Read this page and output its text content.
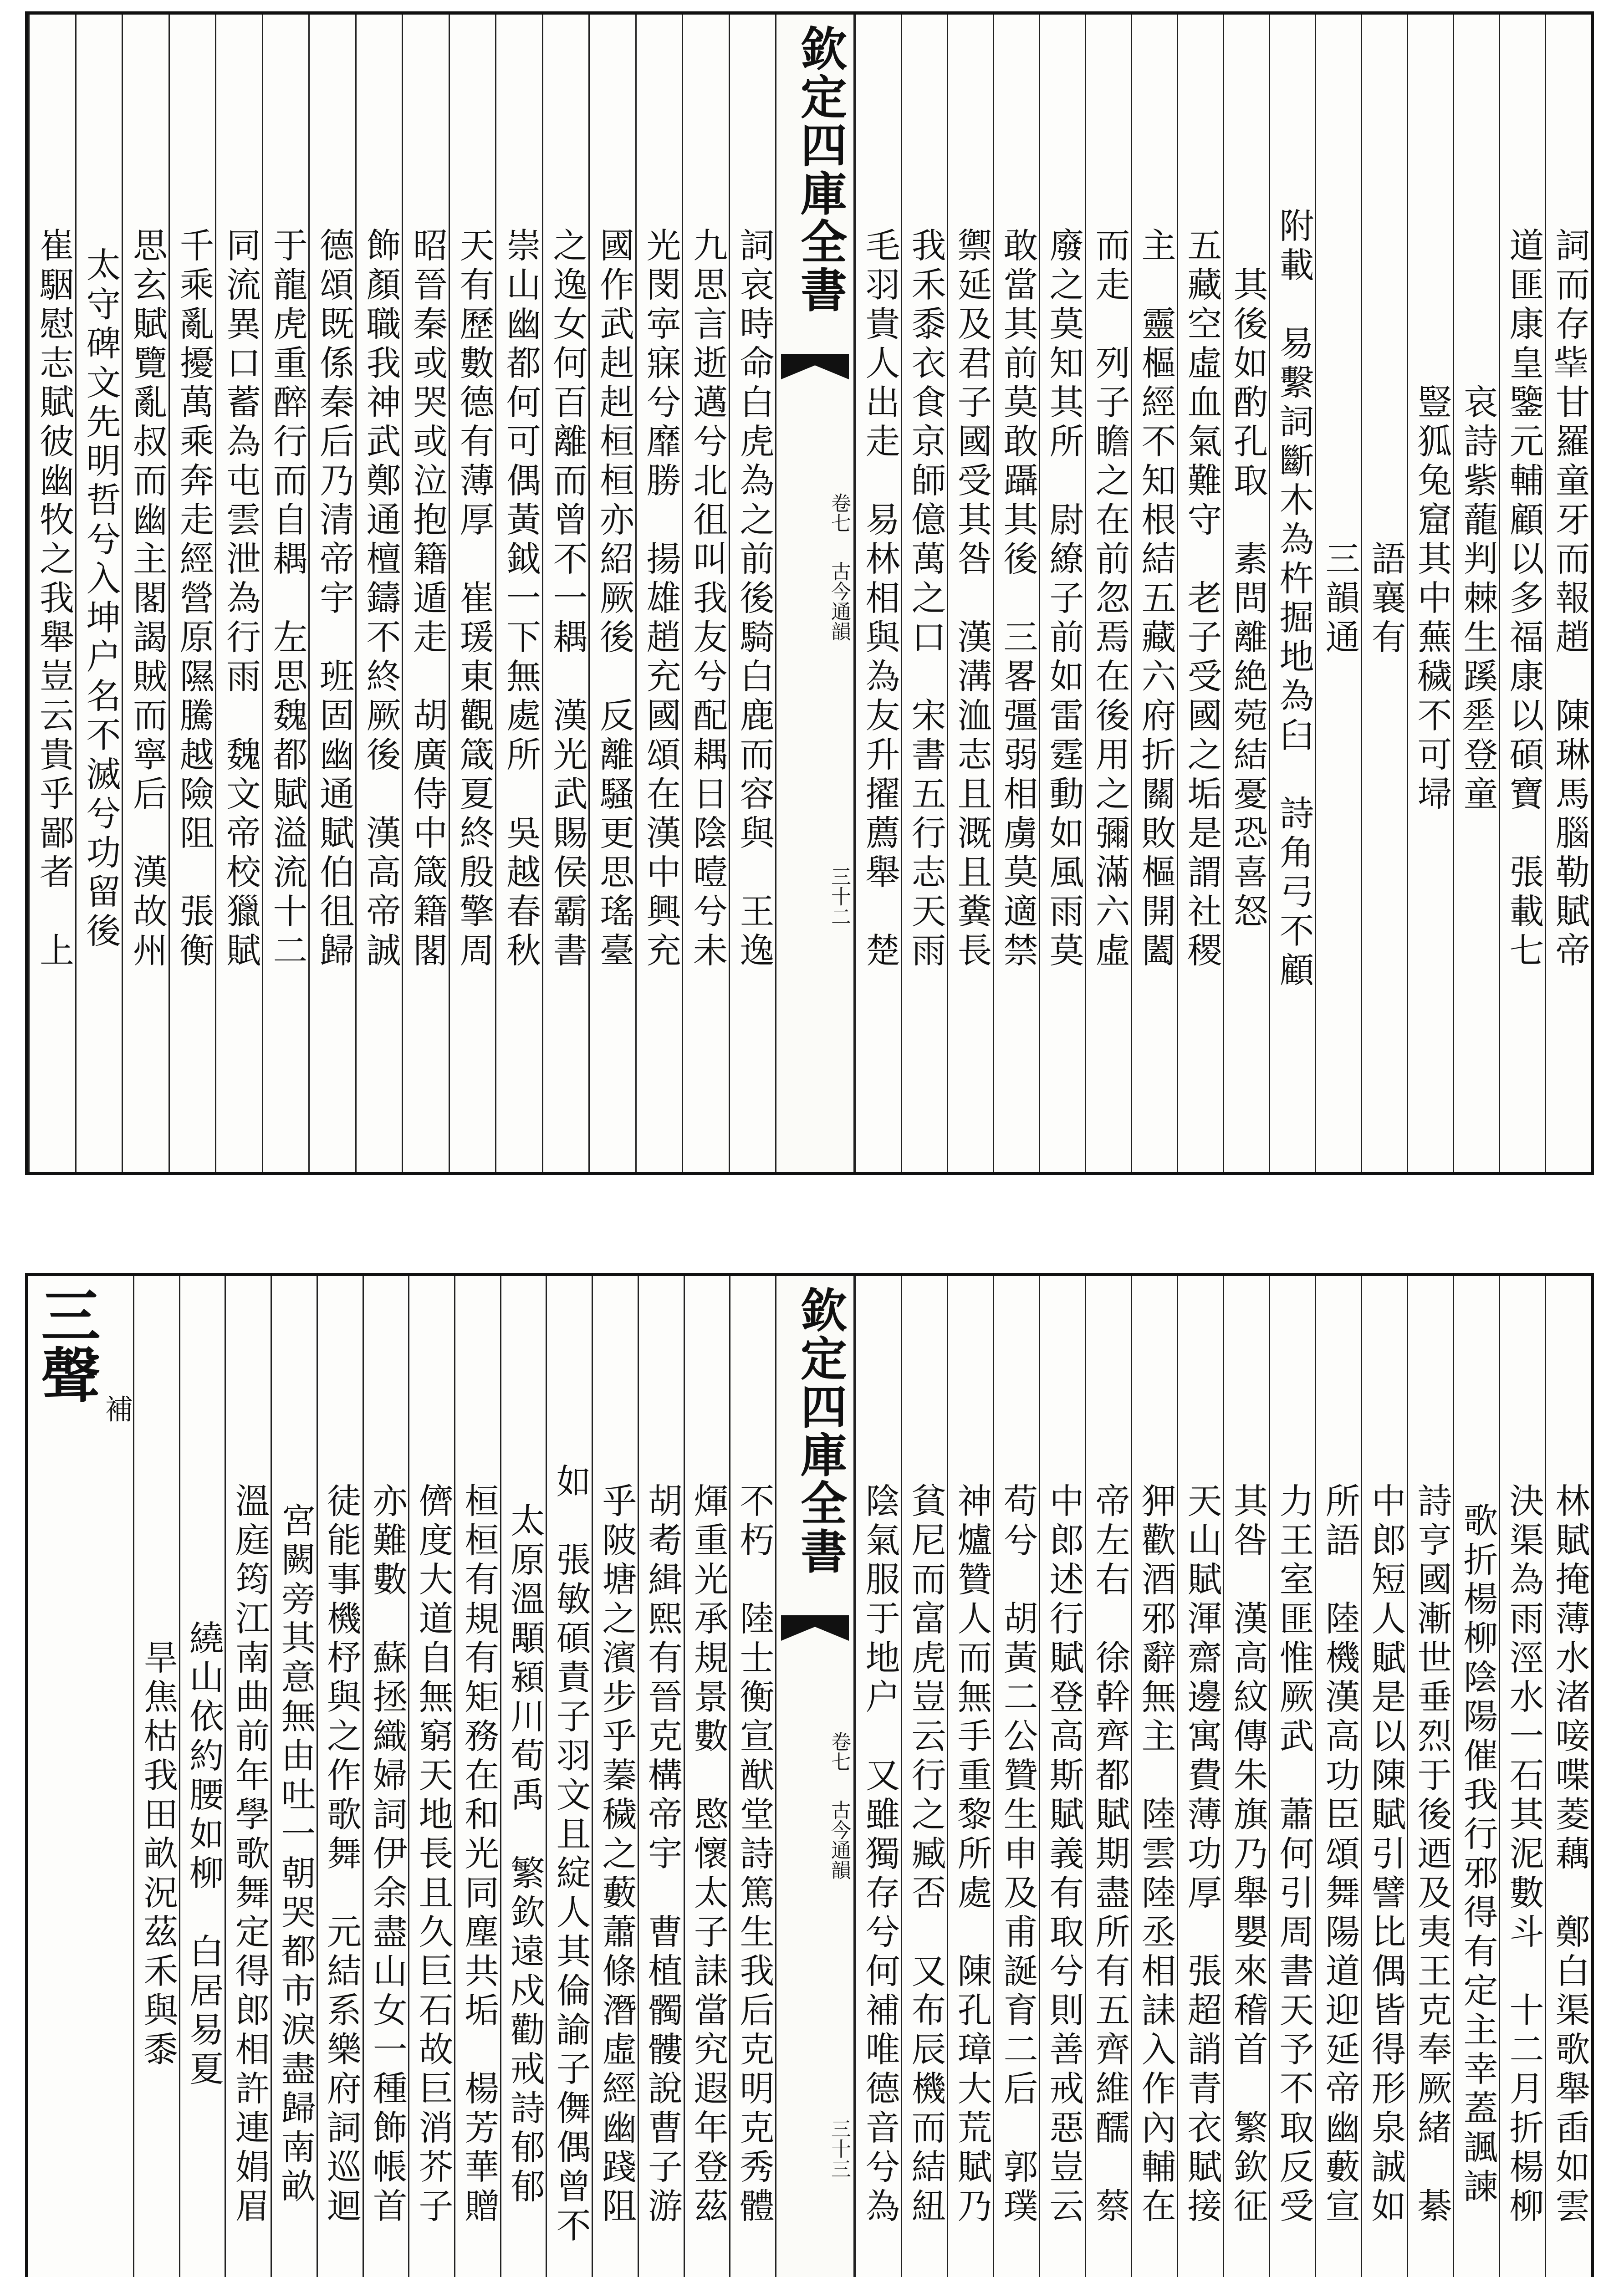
詞而存𦍧甘羅童牙而報趙　陳琳馬腦勒賦帝
道匪康皇鑒元輔顧以多福康以碩寶　張載七
哀詩紫蘢判棘生蹊𢀩登童
豎狐兔窟其中蕪穢不可埽
語襄有
三韻通
附載　易繫詞斷木為杵掘地為臼　詩角弓不顧
其後如酌孔取　素問離絶菀結憂恐喜怒
五藏空虛血氣難守　老子受國之垢是謂社稷
主　靈樞經不知根結五藏六府折關敗樞開闔
而走　列子瞻之在前忽焉在後用之彌滿六虛
廢之莫知其所　尉繚子前如雷霆動如風雨莫
敢當其前莫敢躡其後　三畧彊弱相虜莫適禁
禦延及君子國受其咎　漢溝洫志且溉且糞長
我禾黍衣食京師億萬之口　宋書五行志天雨
毛羽貴人出走　易林相與為友升擢薦舉　楚
欽定四庫全書
卷七
古今通韻
三十二
詞哀時命白虎為之前後騎白鹿而容與　王逸
九思言逝邁兮北徂叫我友兮配耦日陰曀兮未
光閔𡨴寐兮靡勝　揚雄趙充國頌在漢中興充
國作武赳赳桓桓亦紹厥後　反離騷更思瑤臺
之逸女何百離而曾不一耦　漢光武賜侯霸書
崇山幽都何可偶黃鉞一下無處所　吳越春秋
天有歷數德有薄厚　崔瑗東觀箴夏終殷擎周
昭晉秦或哭或泣抱籍遁走　胡廣侍中箴籍閣
飾顏職我神武鄭通檀鑄不終厥後　漢高帝誠
德頌既係秦后乃清帝宇　班固幽通賦伯徂歸
于龍虎重醉行而自耦　左思魏都賦溢流十二
同流異口蓄為屯雲泄為行雨　魏文帝校獵賦
千乘亂擾萬乘奔走經營原隰騰越險阻　張衡
思玄賦覽亂叔而幽主閣謁賊而寧后　漢故州
太守碑文先明哲兮入坤户名不滅兮功留後
崔駰慰志賦彼幽牧之我舉豈云貴乎鄙者　上
林賦掩薄水渚唼喋菱藕　鄭白渠歌舉臿如雲
決渠為雨涇水一石其泥數斗　十二月折楊柳
歌折楊柳陰陽催我行邪得有定主幸蓋諷諫
詩亨國漸世垂烈于後迺及夷王克奉厥緒　綦
中郎短人賦是以陳賦引譬比偶皆得形泉誠如
所語　陸機漢高功臣頌舞陽道迎延帝幽藪宣
力王室匪惟厥武　蕭何引周書天予不取反受
其咎　漢高紋傳朱旗乃舉嬰來稽首　繁欽征
天山賦渾齋邊寓費薄功厚　張超誚青衣賦接
狎歡酒邪辭無主　陸雲陸丞相誄入作內輔在
帝左右　徐幹齊都賦期盡所有五齊維醹　蔡
中郎述行賦登高斯賦義有取兮則善戒惡豈云
苟兮　胡黃二公贊生申及甫誕育二后　郭璞
神爐贊人而無手重黎所處　陳孔璋大荒賦乃
貧尼而富虎豈云行之臧否　又布辰機而結紐
陰氣服于地户　又雖獨存兮何補唯德音兮為
欽定四庫全書
卷七
古今通韻
三十三
不朽　陸士衡宣猷堂詩篤生我后克明克秀體
煇重光承規景數　愍懷太子誄當究遐年登茲
胡耇緝熙有晉克構帝宇　曹植髑髏說曹子游
乎陂塘之濱步乎蓁穢之藪蕭條潛虛經幽踐阻
如　張敏碩責子羽文且綻人其倫諭子儛偶曾不
太原溫顒潁川荀禹　繁欽遠戍勸戒詩郁郁
桓桓有規有矩務在和光同塵共垢　楊芳華贈
儕度大道自無窮天地長且久巨石故巨消芥子
亦難數　蘇拯織婦詞伊余盡山女一種飾帳首
徒能事機杼與之作歌舞　元結系樂府詞巡迴
宮闕旁其意無由吐一朝哭都市淚盡歸南畝
溫庭筠江南曲前年學歌舞定得郎相許連娟眉
繞山依約腰如柳　白居易夏
旱焦枯我田畝況茲禾與黍
三聲
補
